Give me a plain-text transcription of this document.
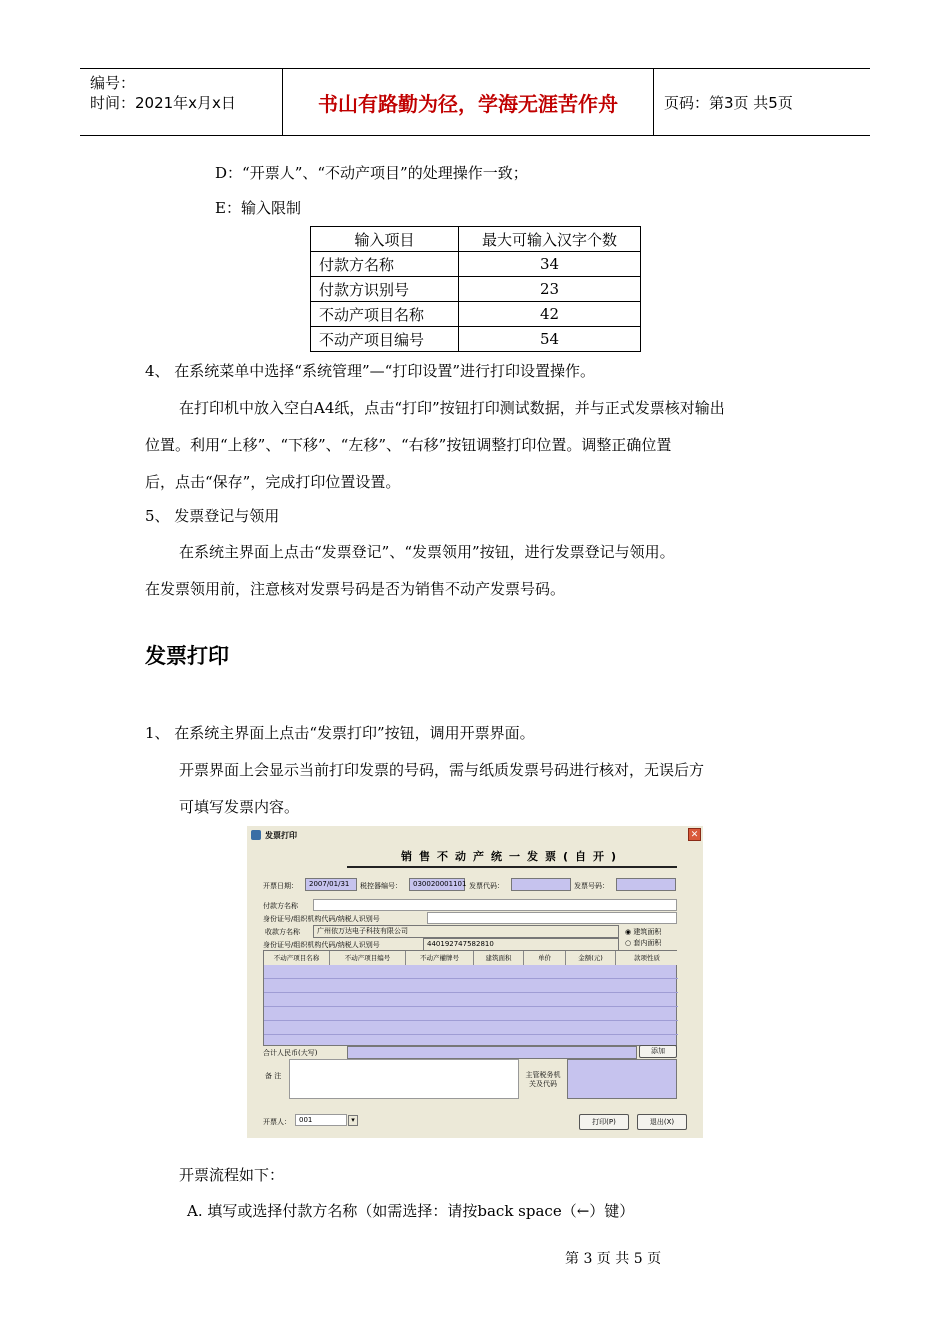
编号：
时间：2021年x月x日	书山有路勤为径，学海无涯苦作舟	页码：第3页 共5页
D：“开票人”、“不动产项目”的处理操作一致；
E：输入限制
输入项目	最大可输入汉字个数
付款方名称	34
付款方识别号	23
不动产项目名称	42
不动产项目编号	54
4、 在系统菜单中选择“系统管理”—“打印设置”进行打印设置操作。
在打印机中放入空白A4纸，点击“打印”按钮打印测试数据，并与正式发票核对输出
位置。利用“上移”、“下移”、“左移”、“右移”按钮调整打印位置。调整正确位置
后，点击“保存”，完成打印位置设置。
5、 发票登记与领用
在系统主界面上点击“发票登记”、“发票领用”按钮，进行发票登记与领用。
在发票领用前，注意核对发票号码是否为销售不动产发票号码。
发票打印
1、 在系统主界面上点击“发票打印”按钮，调用开票界面。
开票界面上会显示当前打印发票的号码，需与纸质发票号码进行核对，无误后方
可填写发票内容。
发票打印	✕
销售不动产统一发票(自开)
开票日期：	2007/01/31	税控器编号：	030020001101 发票代码：	发票号码：
付款方名称
身份证号/组织机构代码/纳税人识别号
收款方名称	广州依万达电子科技有限公司
身份证号/组织机构代码/纳税人识别号	440192747582810
◉ 建筑面积
○ 套内面积
不动产项目名称	不动产项目编号	不动产權牌号	建筑面积	单价	金额(元)	款项性质
合计人民币(大写)	添加
备 注	主管税务机关及代码
开票人：	001	▾	打印(P)	退出(X)
开票流程如下：
A. 填写或选择付款方名称（如需选择：请按back space（←）键）
第 3 页 共 5 页
